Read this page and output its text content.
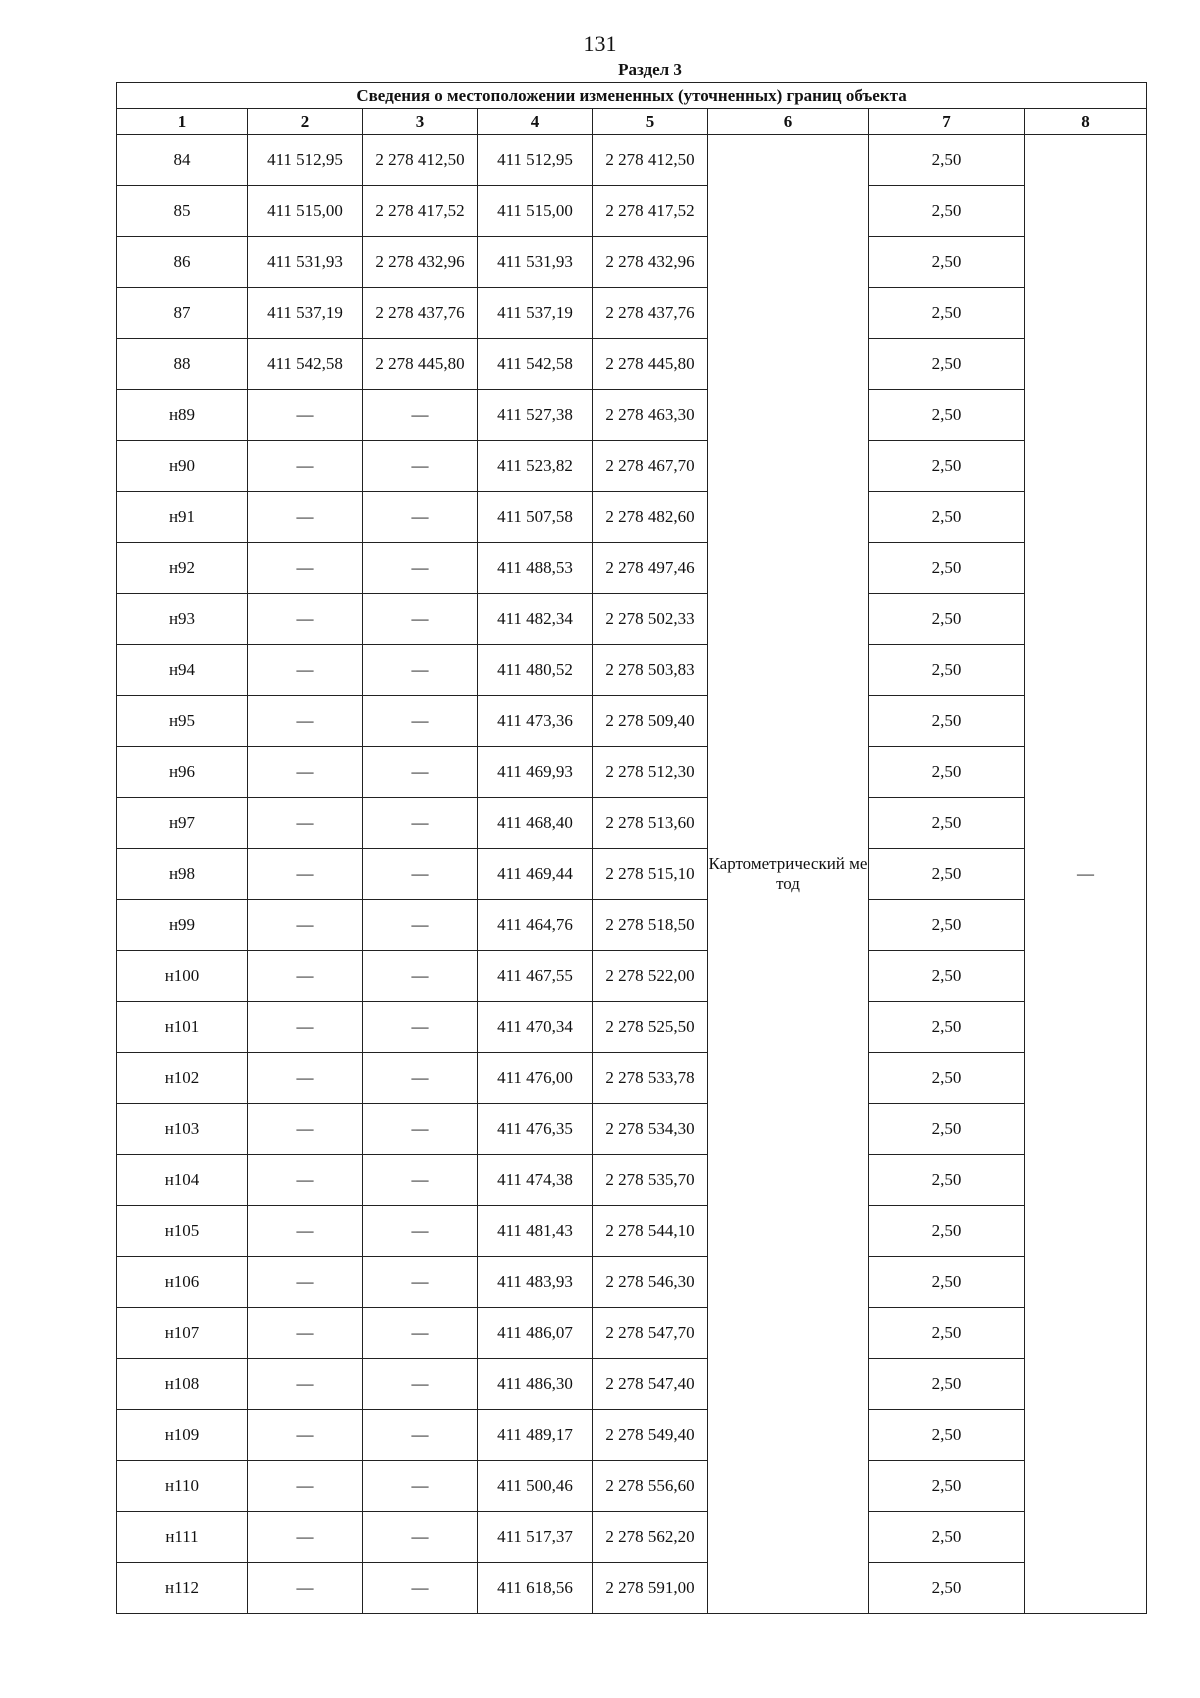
131
Раздел 3
Сведения о местоположении измененных (уточненных) границ объекта							
1	2	3	4	5	6	7	8
84	411 512,95	2 278 412,50	411 512,95	2 278 412,50	Картометрический метод	2,50	—
85	411 515,00	2 278 417,52	411 515,00	2 278 417,52		2,50	
86	411 531,93	2 278 432,96	411 531,93	2 278 432,96		2,50	
87	411 537,19	2 278 437,76	411 537,19	2 278 437,76		2,50	
88	411 542,58	2 278 445,80	411 542,58	2 278 445,80		2,50	
н89	—	—	411 527,38	2 278 463,30		2,50	
н90	—	—	411 523,82	2 278 467,70		2,50	
н91	—	—	411 507,58	2 278 482,60		2,50	
н92	—	—	411 488,53	2 278 497,46		2,50	
н93	—	—	411 482,34	2 278 502,33		2,50	
н94	—	—	411 480,52	2 278 503,83		2,50	
н95	—	—	411 473,36	2 278 509,40		2,50	
н96	—	—	411 469,93	2 278 512,30		2,50	
н97	—	—	411 468,40	2 278 513,60		2,50	
н98	—	—	411 469,44	2 278 515,10		2,50	
н99	—	—	411 464,76	2 278 518,50		2,50	
н100	—	—	411 467,55	2 278 522,00		2,50	
н101	—	—	411 470,34	2 278 525,50		2,50	
н102	—	—	411 476,00	2 278 533,78		2,50	
н103	—	—	411 476,35	2 278 534,30		2,50	
н104	—	—	411 474,38	2 278 535,70		2,50	
н105	—	—	411 481,43	2 278 544,10		2,50	
н106	—	—	411 483,93	2 278 546,30		2,50	
н107	—	—	411 486,07	2 278 547,70		2,50	
н108	—	—	411 486,30	2 278 547,40		2,50	
н109	—	—	411 489,17	2 278 549,40		2,50	
н110	—	—	411 500,46	2 278 556,60		2,50	
н111	—	—	411 517,37	2 278 562,20		2,50	
н112	—	—	411 618,56	2 278 591,00		2,50	
